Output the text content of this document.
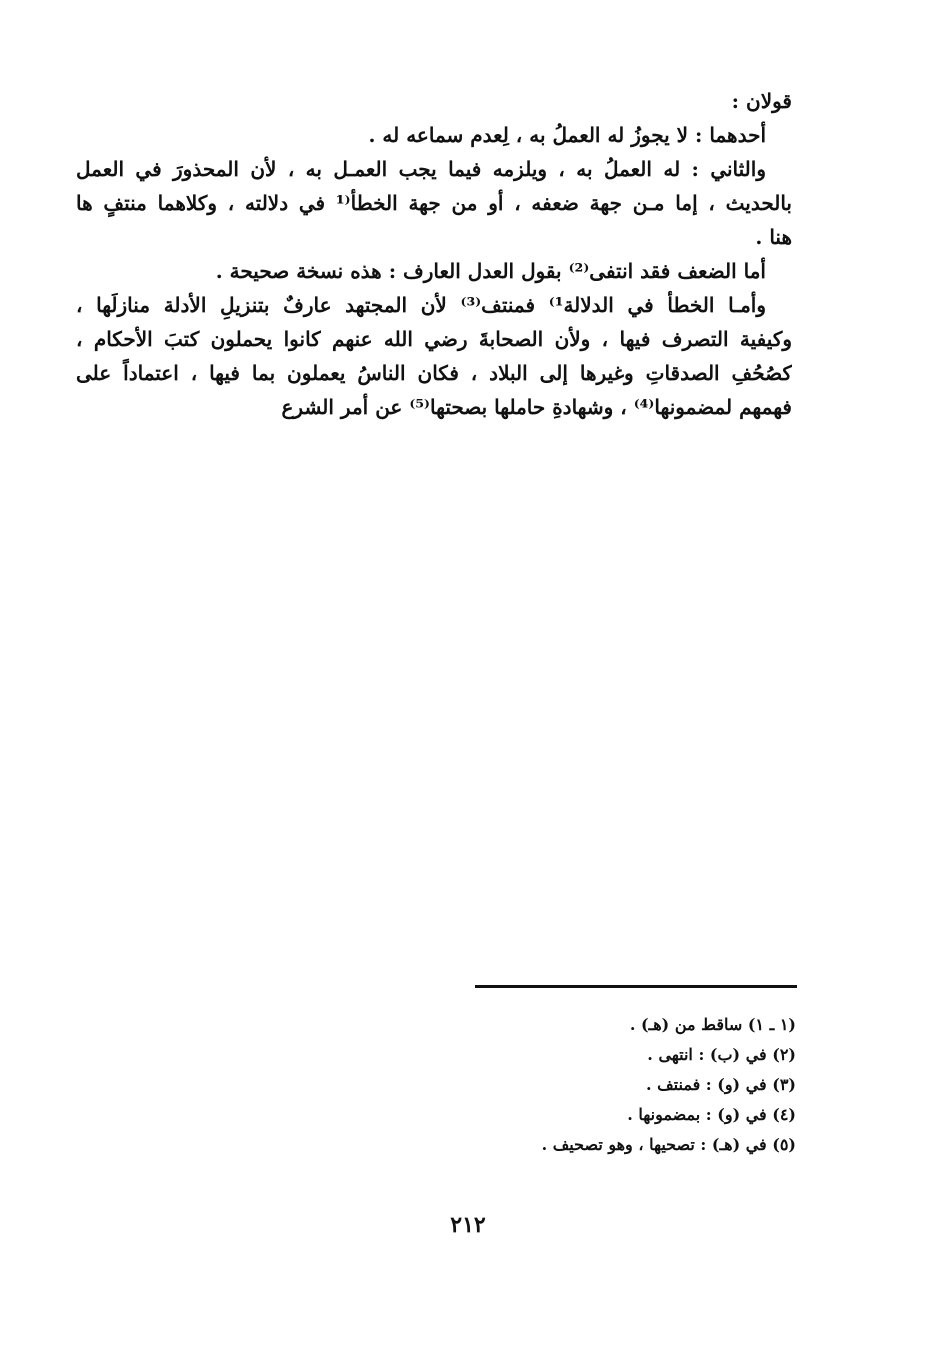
قولان :

أحدهما : لا يجوزُ له العملُ به ، لِعدم سماعه له .

والثاني : له العملُ به ، ويلزمه فيما يجب العمـل به ، لأن المحذورَ في العمل

بالحديث ، إما مـن جهة ضعفه ، أو من جهة الخطأ⁽¹ في دلالته ، وكلاهما منتفٍ ها

هنا .

أما الضعف فقد انتفى⁽²⁾ بقول العدل العارف : هذه نسخة صحيحة .

وأمـا الخطأ في الدلالة¹⁾ فمنتف⁽³⁾ لأن المجتهد عارفٌ بتنزيلِ الأدلة منازلَها ،

وكيفية التصرف فيها ، ولأن الصحابةَ رضي الله عنهم كانوا يحملون كتبَ الأحكام ،

كصُحُفِ الصدقاتِ وغيرها إلى البلاد ، فكان الناسُ يعملون بما فيها ، اعتماداً على

فهمهم لمضمونها⁽⁴⁾ ، وشهادةِ حاملها بصحتها⁽⁵⁾ عن أمر الشرع

(١ ـ ١) ساقط من (هـ) .

(٢) في (ب) : انتهى .

(٣) في (و) : فمنتف .

(٤) في (و) : بمضمونها .

(٥) في (هـ) : تصحيها ، وهو تصحيف .

٢١٢
